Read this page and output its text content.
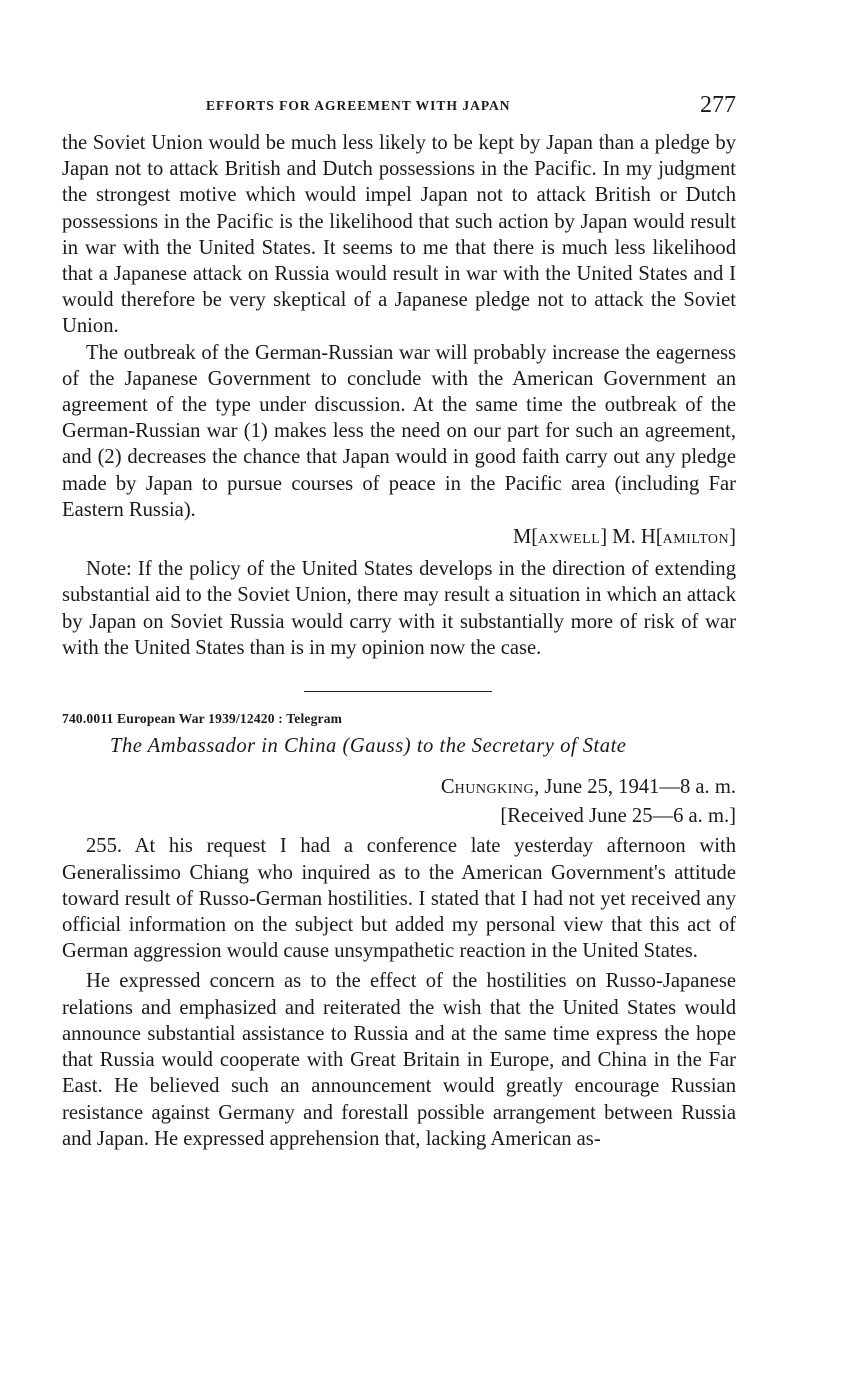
EFFORTS FOR AGREEMENT WITH JAPAN	277

the Soviet Union would be much less likely to be kept by Japan than a pledge by Japan not to attack British and Dutch possessions in the Pacific. In my judgment the strongest motive which would impel Japan not to attack British or Dutch possessions in the Pacific is the likelihood that such action by Japan would result in war with the United States. It seems to me that there is much less likelihood that a Japanese attack on Russia would result in war with the United States and I would therefore be very skeptical of a Japanese pledge not to attack the Soviet Union.

The outbreak of the German-Russian war will probably increase the eagerness of the Japanese Government to conclude with the American Government an agreement of the type under discussion. At the same time the outbreak of the German-Russian war (1) makes less the need on our part for such an agreement, and (2) decreases the chance that Japan would in good faith carry out any pledge made by Japan to pursue courses of peace in the Pacific area (including Far Eastern Russia).

M[AXWELL] M. H[AMILTON]

Note: If the policy of the United States develops in the direction of extending substantial aid to the Soviet Union, there may result a situation in which an attack by Japan on Soviet Russia would carry with it substantially more of risk of war with the United States than is in my opinion now the case.

740.0011 European War 1939/12420 : Telegram
The Ambassador in China (Gauss) to the Secretary of State
CHUNGKING, June 25, 1941—8 a. m.
[Received June 25—6 a. m.]

255. At his request I had a conference late yesterday afternoon with Generalissimo Chiang who inquired as to the American Government's attitude toward result of Russo-German hostilities. I stated that I had not yet received any official information on the subject but added my personal view that this act of German aggression would cause unsympathetic reaction in the United States.

He expressed concern as to the effect of the hostilities on Russo-Japanese relations and emphasized and reiterated the wish that the United States would announce substantial assistance to Russia and at the same time express the hope that Russia would cooperate with Great Britain in Europe, and China in the Far East. He believed such an announcement would greatly encourage Russian resistance against Germany and forestall possible arrangement between Russia and Japan. He expressed apprehension that, lacking American as-
